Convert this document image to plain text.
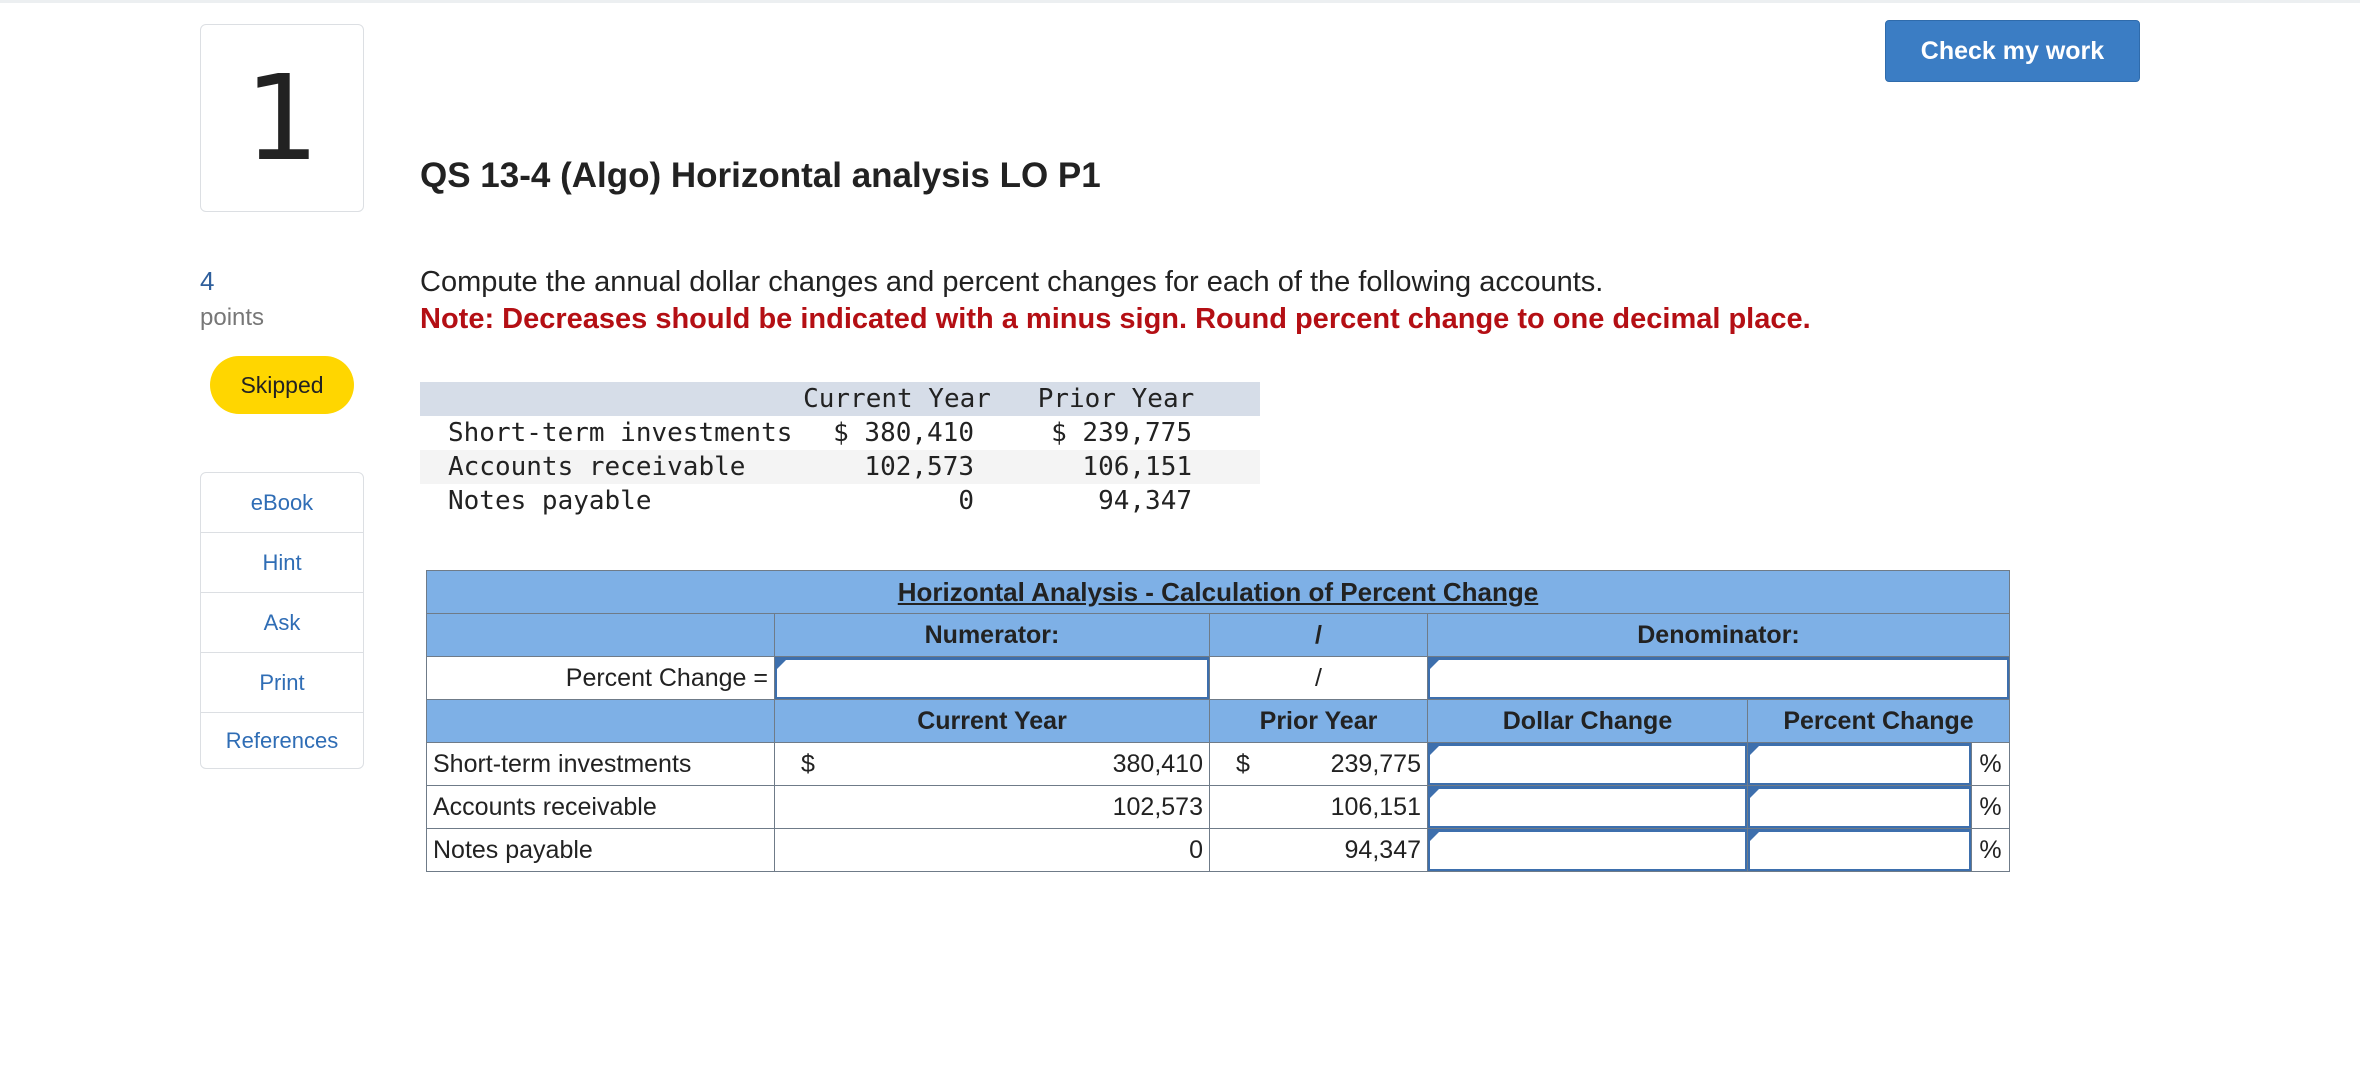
1
4
points
Skipped
eBook
Hint
Ask
Print
References
Check my work
QS 13-4 (Algo) Horizontal analysis LO P1
Compute the annual dollar changes and percent changes for each of the following accounts.
Note: Decreases should be indicated with a minus sign. Round percent change to one decimal place.
Current Year	Prior Year
Short-term investments	$ 380,410	$ 239,775
Accounts receivable	102,573	106,151
Notes payable	0	94,347
Horizontal Analysis - Calculation of Percent Change					
	Numerator:	/	Denominator:		
Percent Change =		/	
	Current Year	Prior Year	Dollar Change	Percent Change	
Short-term investments	$ 380,410	$ 239,775			%
Accounts receivable	102,573	106,151			%
Notes payable	0	94,347			%
